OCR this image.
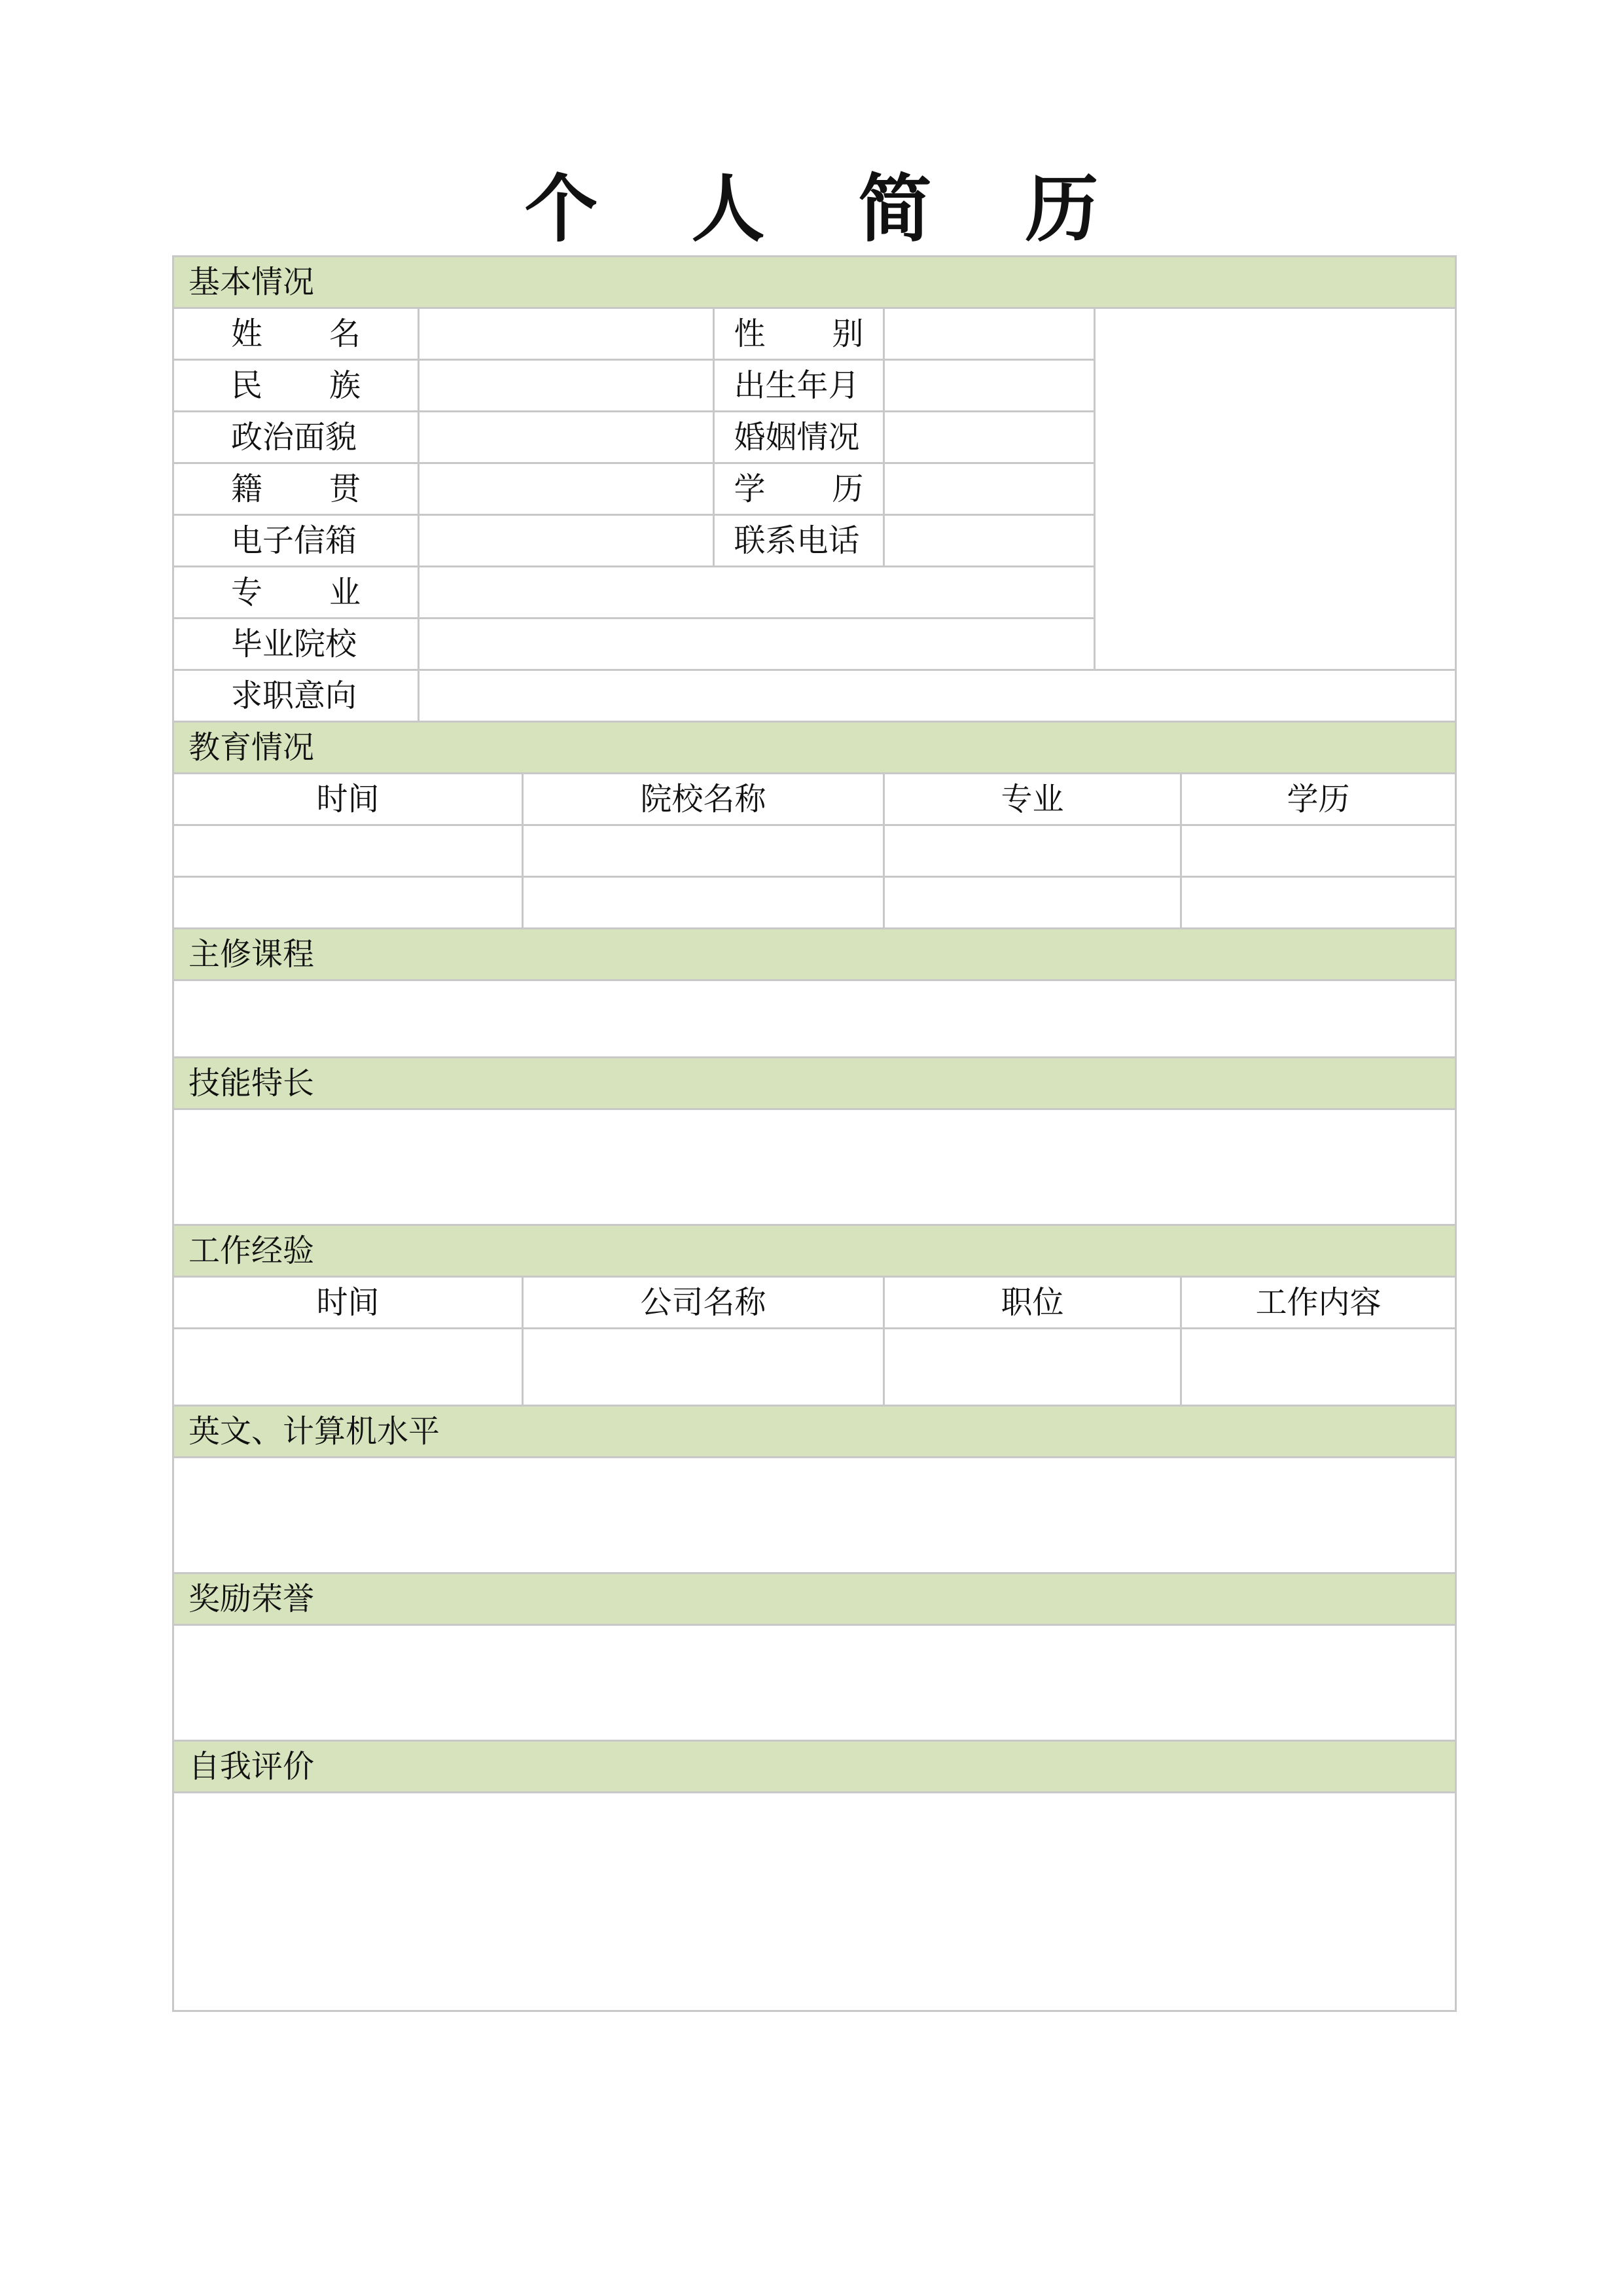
个 人 简 历
基本情况						

姓 名			性 别			

民 族			出生年月			

政治面貌			婚姻情况			

籍 贯			学 历			

电子信箱			联系电话			

专 业						

毕业院校						

求职意向						

教育情况						
时间		院校名称		专业		学历

主修课程						

技能特长						

工作经验						
时间		公司名称		职位		工作内容

英文、计算机水平						

奖励荣誉						

自我评价						
